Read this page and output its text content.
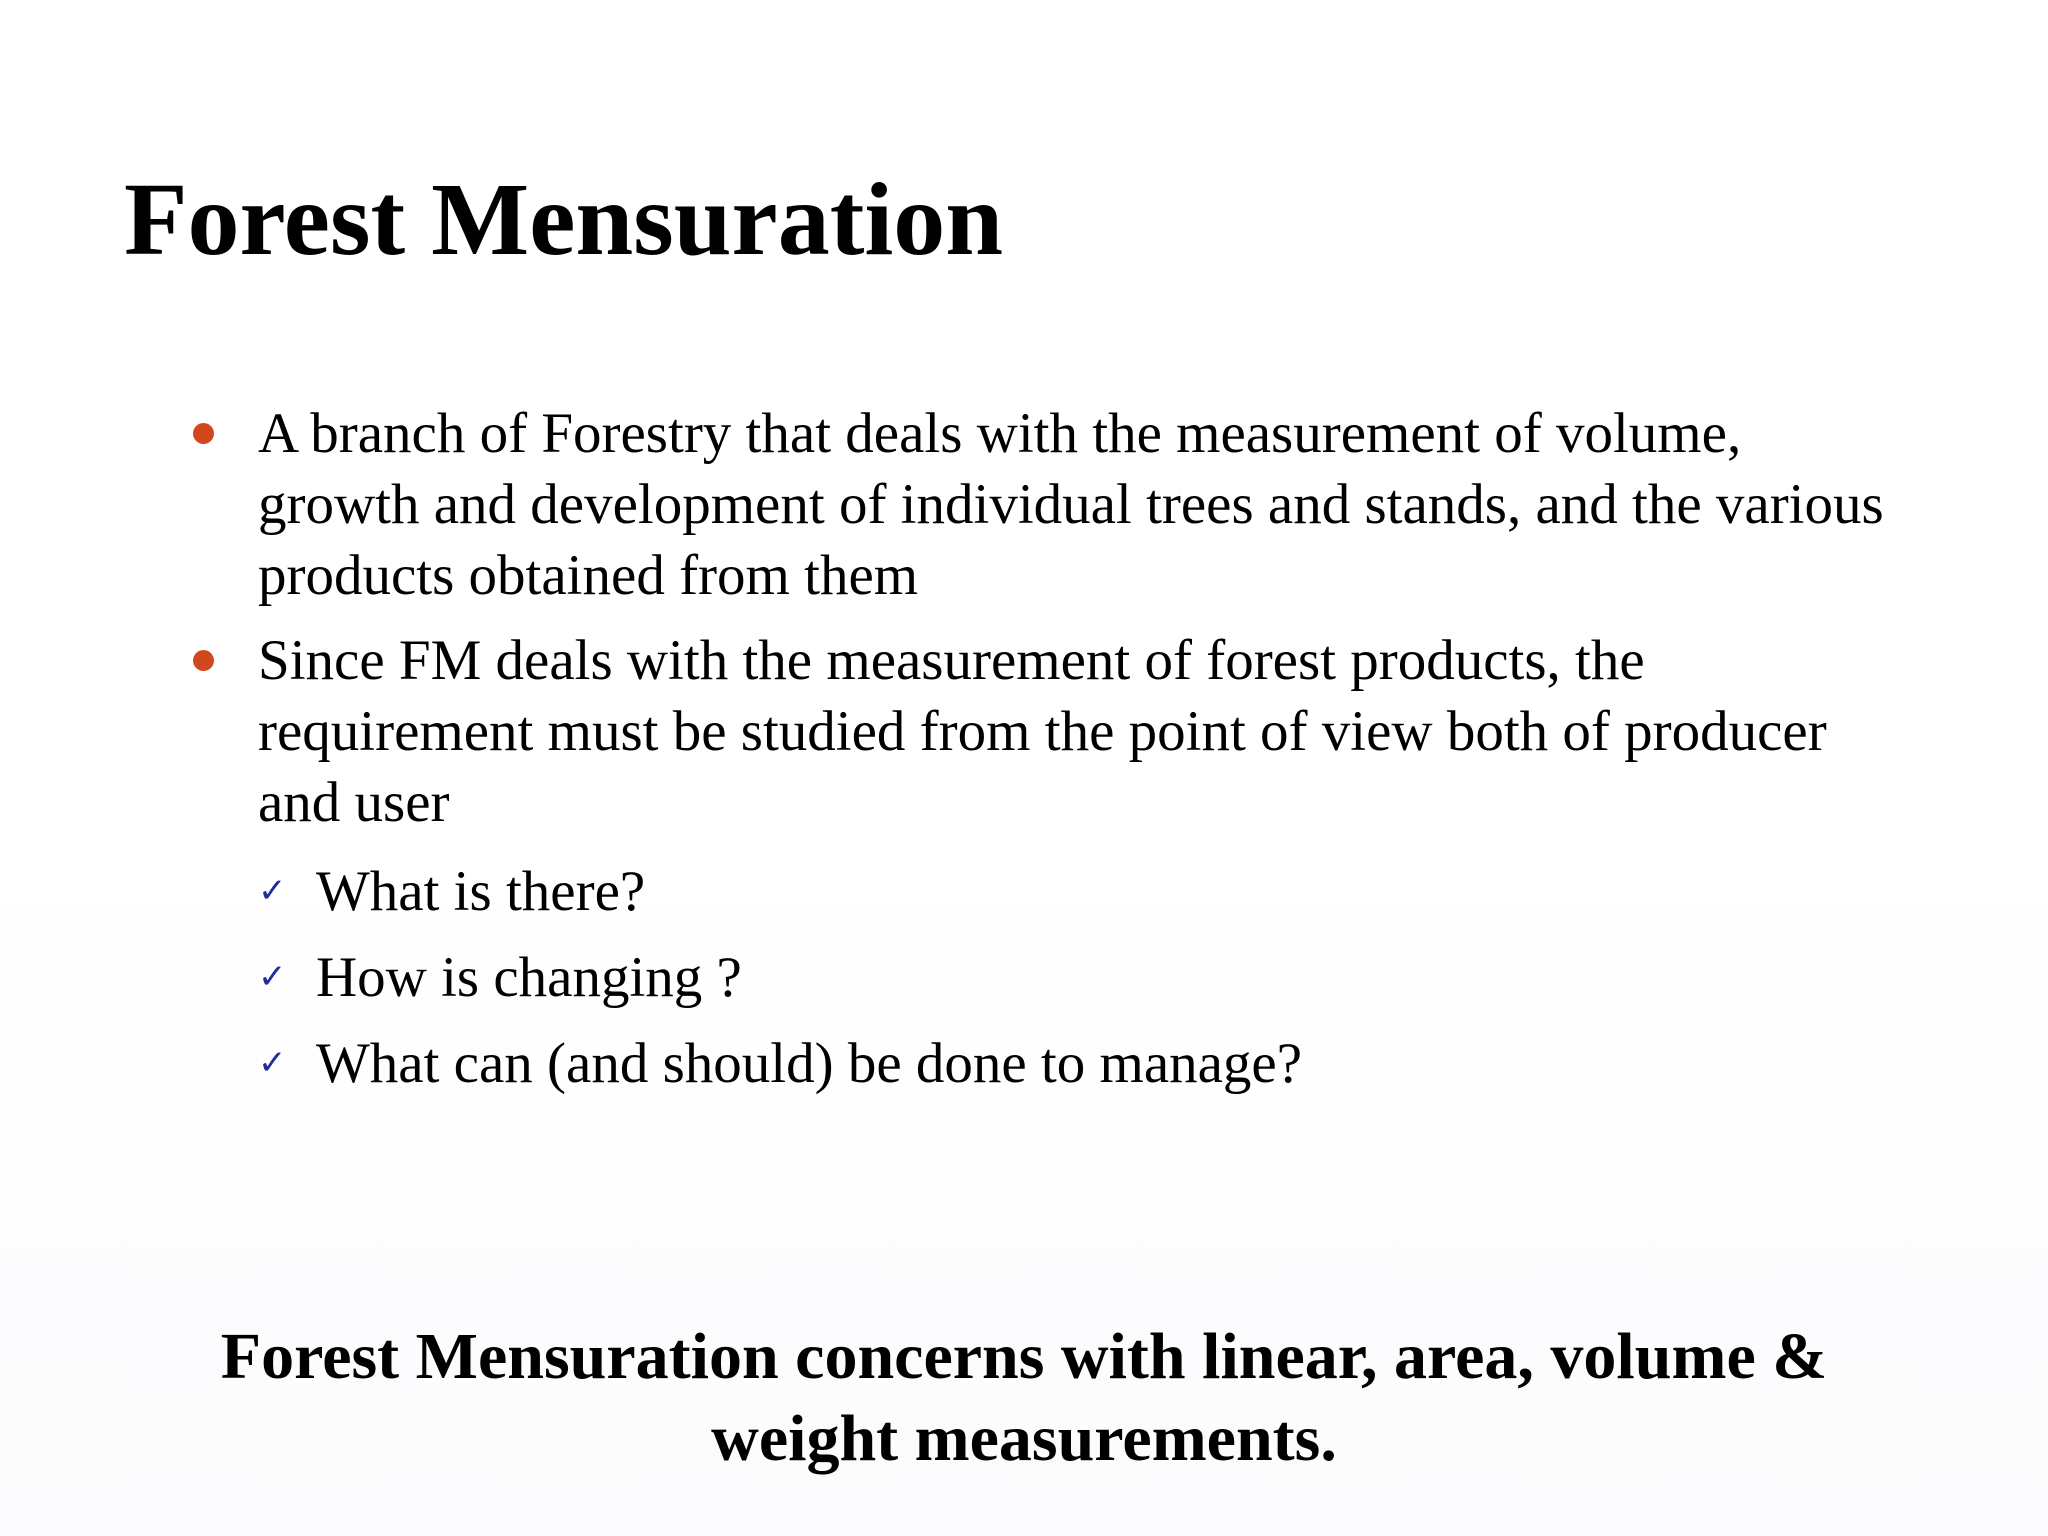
Forest Mensuration
A branch of Forestry that deals with the measurement of volume, growth and development of individual trees and stands, and the various products obtained from them
Since FM deals with the measurement of forest products, the requirement must be studied from the point of view both of producer and user
✓ What is there?
✓ How is changing ?
✓ What can (and should) be done to manage?

Forest Mensuration concerns with linear, area, volume &
weight measurements.
